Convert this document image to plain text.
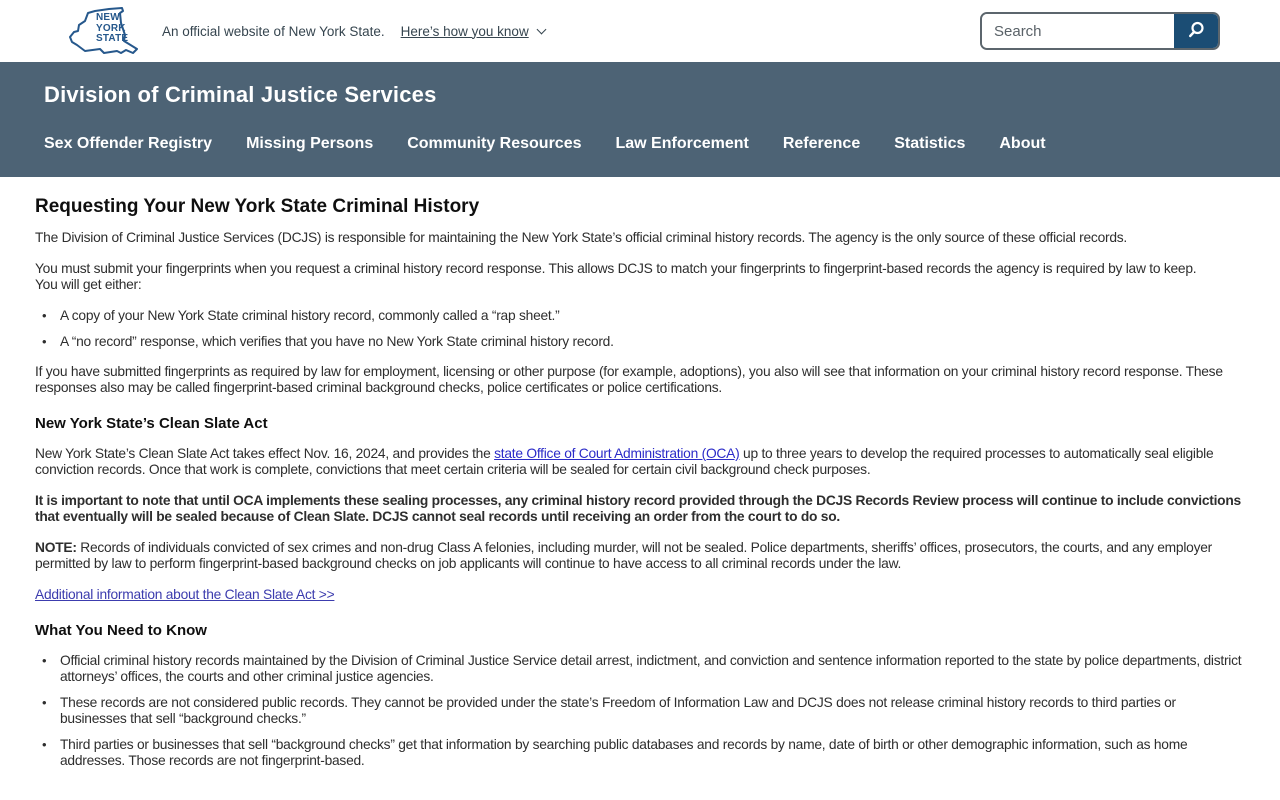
NEW
YORK
STATE An official website of New York State. Here’s how you know
Search
Division of Criminal Justice Services
Sex Offender Registry Missing Persons Community Resources Law Enforcement Reference Statistics About
Requesting Your New York State Criminal History

The Division of Criminal Justice Services (DCJS) is responsible for maintaining the New York State’s official criminal history records. The agency is the only source of these official records.

You must submit your fingerprints when you request a criminal history record response. This allows DCJS to match your fingerprints to fingerprint-based records the agency is required by law to keep.
You will get either:

• A copy of your New York State criminal history record, commonly called a “rap sheet.”
• A “no record” response, which verifies that you have no New York State criminal history record.

If you have submitted fingerprints as required by law for employment, licensing or other purpose (for example, adoptions), you also will see that information on your criminal history record response. These responses also may be called fingerprint-based criminal background checks, police certificates or police certifications.

New York State’s Clean Slate Act

New York State’s Clean Slate Act takes effect Nov. 16, 2024, and provides the state Office of Court Administration (OCA) up to three years to develop the required processes to automatically seal eligible conviction records. Once that work is complete, convictions that meet certain criteria will be sealed for certain civil background check purposes.

It is important to note that until OCA implements these sealing processes, any criminal history record provided through the DCJS Records Review process will continue to include convictions that eventually will be sealed because of Clean Slate. DCJS cannot seal records until receiving an order from the court to do so.

NOTE: Records of individuals convicted of sex crimes and non-drug Class A felonies, including murder, will not be sealed. Police departments, sheriffs’ offices, prosecutors, the courts, and any employer permitted by law to perform fingerprint-based background checks on job applicants will continue to have access to all criminal records under the law.

Additional information about the Clean Slate Act >>

What You Need to Know
• Official criminal history records maintained by the Division of Criminal Justice Service detail arrest, indictment, and conviction and sentence information reported to the state by police departments, district attorneys’ offices, the courts and other criminal justice agencies.
• These records are not considered public records. They cannot be provided under the state’s Freedom of Information Law and DCJS does not release criminal history records to third parties or businesses that sell “background checks.”
• Third parties or businesses that sell “background checks” get that information by searching public databases and records by name, date of birth or other demographic information, such as home addresses. Those records are not fingerprint-based.
